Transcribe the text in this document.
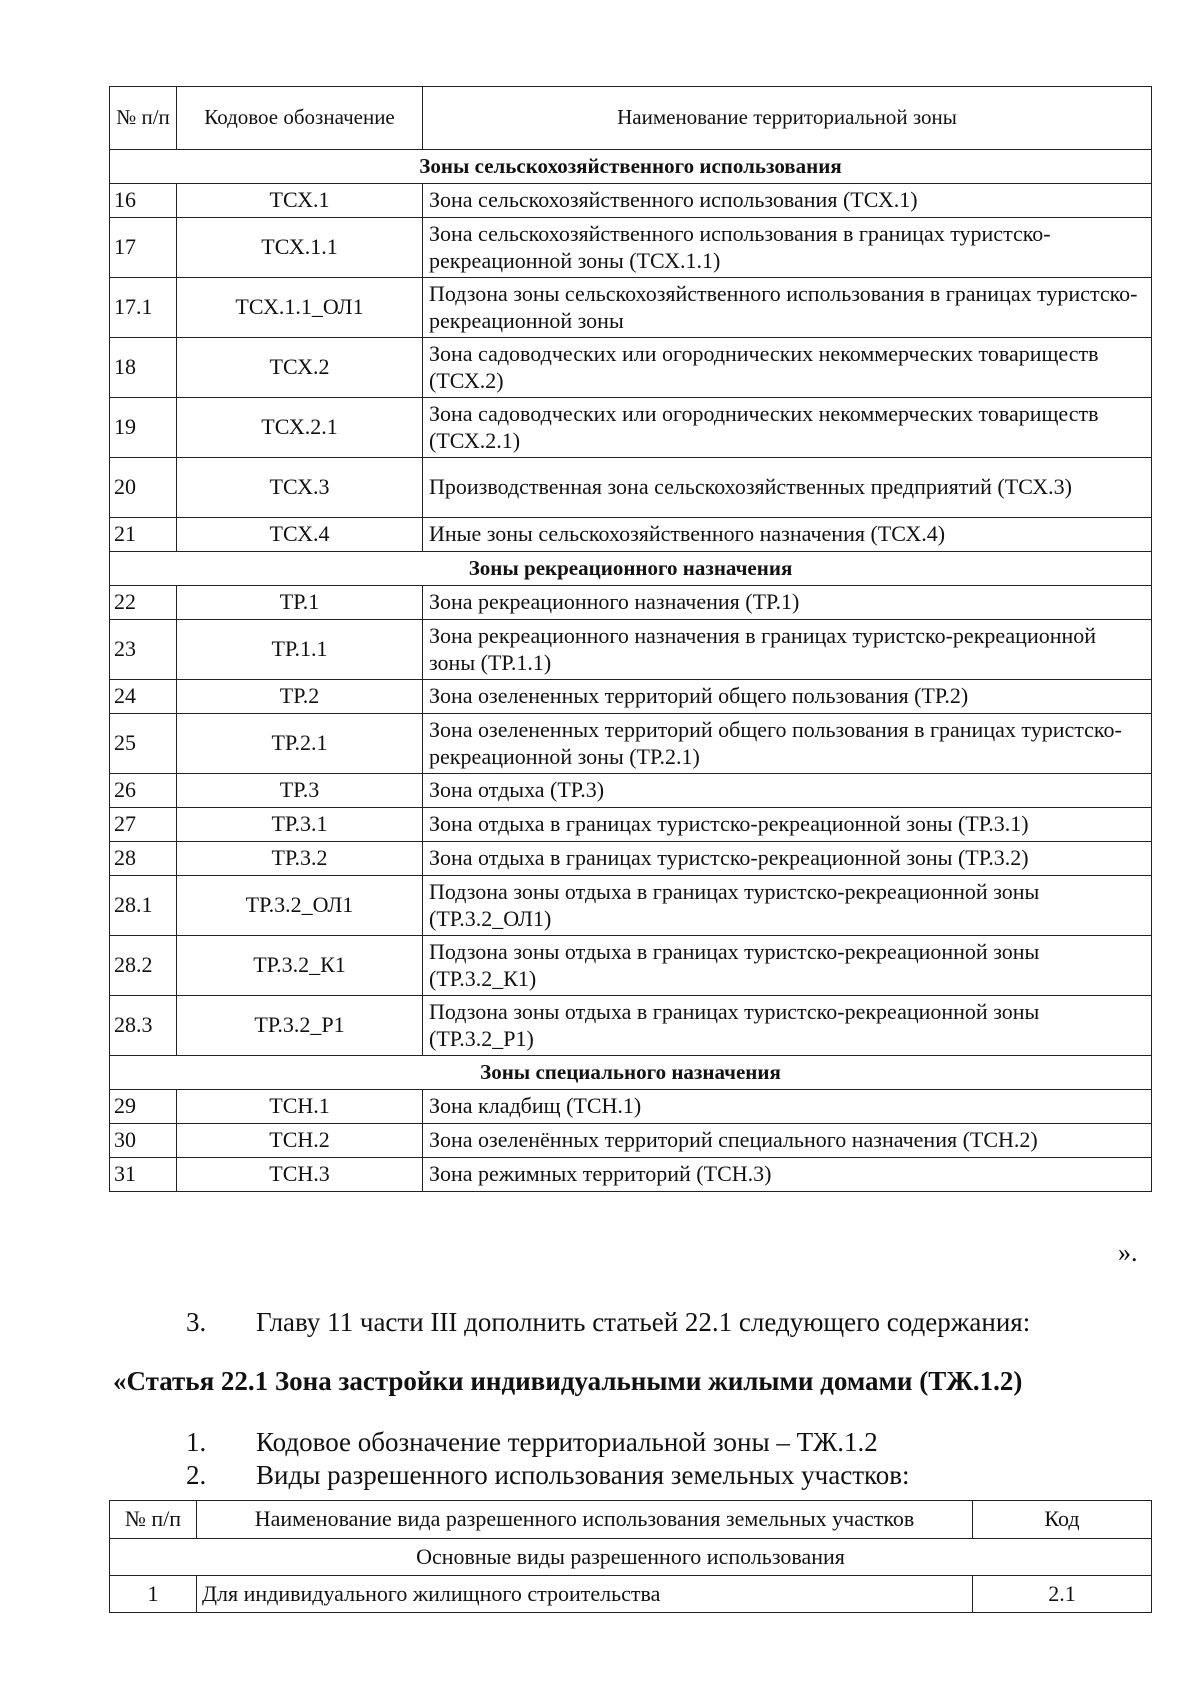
№ п/п	Кодовое обозначение	Наименование территориальной зоны
Зоны сельскохозяйственного использования		
16	ТСХ.1	Зона сельскохозяйственного использования (ТСХ.1)
17	ТСХ.1.1	Зона сельскохозяйственного использования в границах туристско-рекреационной зоны (ТСХ.1.1)
17.1	ТСХ.1.1_ОЛ1	Подзона зоны сельскохозяйственного использования в границах туристско-рекреационной зоны
18	ТСХ.2	Зона садоводческих или огороднических некоммерческих товариществ (ТСХ.2)
19	ТСХ.2.1	Зона садоводческих или огороднических некоммерческих товариществ (ТСХ.2.1)
20	ТСХ.3	Производственная зона сельскохозяйственных предприятий (ТСХ.3)
21	ТСХ.4	Иные зоны сельскохозяйственного назначения (ТСХ.4)
Зоны рекреационного назначения		
22	ТР.1	Зона рекреационного назначения (ТР.1)
23	ТР.1.1	Зона рекреационного назначения в границах туристско-рекреационной зоны (ТР.1.1)
24	ТР.2	Зона озелененных территорий общего пользования (ТР.2)
25	ТР.2.1	Зона озелененных территорий общего пользования в границах туристско-рекреационной зоны (ТР.2.1)
26	ТР.3	Зона отдыха (ТР.3)
27	ТР.3.1	Зона отдыха в границах туристско-рекреационной зоны (ТР.3.1)
28	ТР.3.2	Зона отдыха в границах туристско-рекреационной зоны (ТР.3.2)
28.1	ТР.3.2_ОЛ1	Подзона зоны отдыха в границах туристско-рекреационной зоны (ТР.3.2_ОЛ1)
28.2	ТР.3.2_К1	Подзона зоны отдыха в границах туристско-рекреационной зоны (ТР.3.2_К1)
28.3	ТР.3.2_Р1	Подзона зоны отдыха в границах туристско-рекреационной зоны (ТР.3.2_Р1)
Зоны специального назначения		
29	ТСН.1	Зона кладбищ (ТСН.1)
30	ТСН.2	Зона озеленённых территорий специального назначения (ТСН.2)
31	ТСН.3	Зона режимных территорий (ТСН.3)
».
3. Главу 11 части III дополнить статьей 22.1 следующего содержания:
«Статья 22.1 Зона застройки индивидуальными жилыми домами (ТЖ.1.2)
1. Кодовое обозначение территориальной зоны – ТЖ.1.2
2. Виды разрешенного использования земельных участков:
№ п/п	Наименование вида разрешенного использования земельных участков	Код
Основные виды разрешенного использования		
1	Для индивидуального жилищного строительства	2.1
